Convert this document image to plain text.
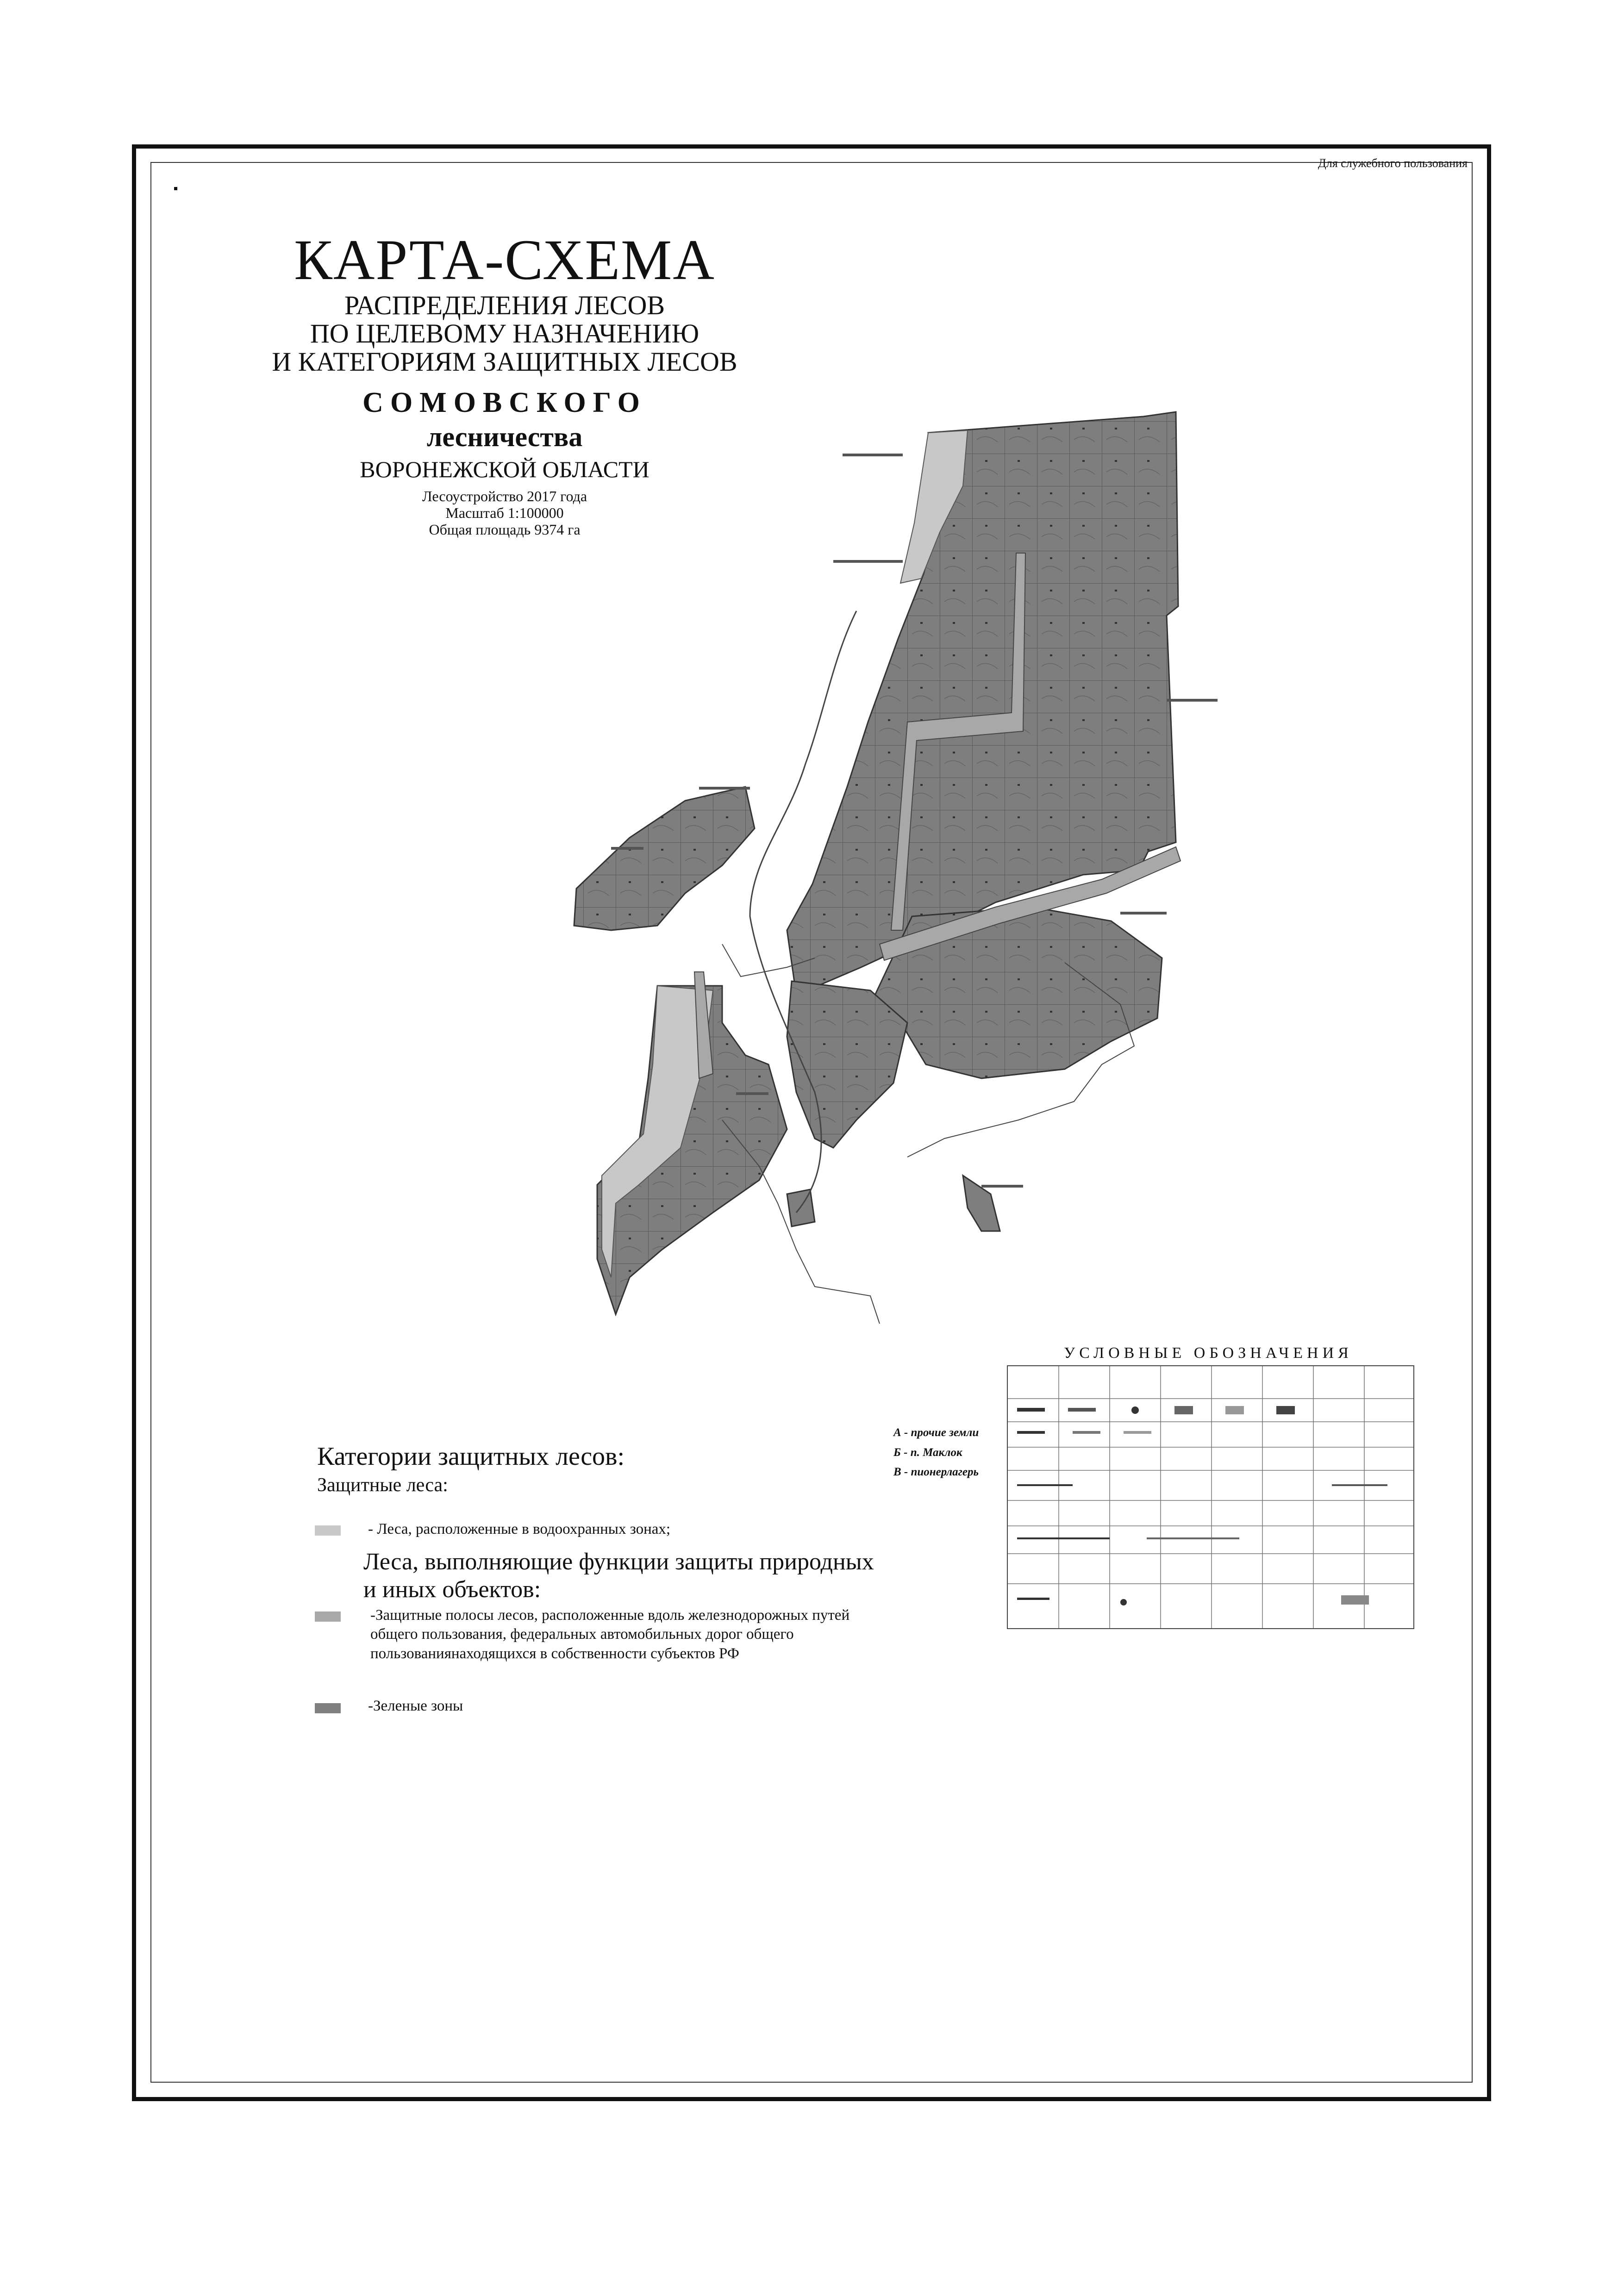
Для служебного пользования
КАРТА-СХЕМА
РАСПРЕДЕЛЕНИЯ ЛЕСОВ
ПО ЦЕЛЕВОМУ НАЗНАЧЕНИЮ
И КАТЕГОРИЯМ ЗАЩИТНЫХ ЛЕСОВ
СОМОВСКОГО
лесничества
ВОРОНЕЖСКОЙ ОБЛАСТИ
Лесоустройство 2017 года
Масштаб 1:100000
Общая площадь 9374 га
А - прочие земли
Б - п. Маклок
В - пионерлагерь
Категории защитных лесов:
Защитные леса:
- Леса, расположенные в водоохранных зонах;
Леса, выполняющие функции защиты природных
и иных объектов:
-Защитные полосы лесов, расположенные вдоль железнодорожных путей
общего пользования, федеральных автомобильных дорог общего
пользованиянаходящихся в собственности субъектов РФ
-Зеленые зоны
УСЛОВНЫЕ ОБОЗНАЧЕНИЯ
